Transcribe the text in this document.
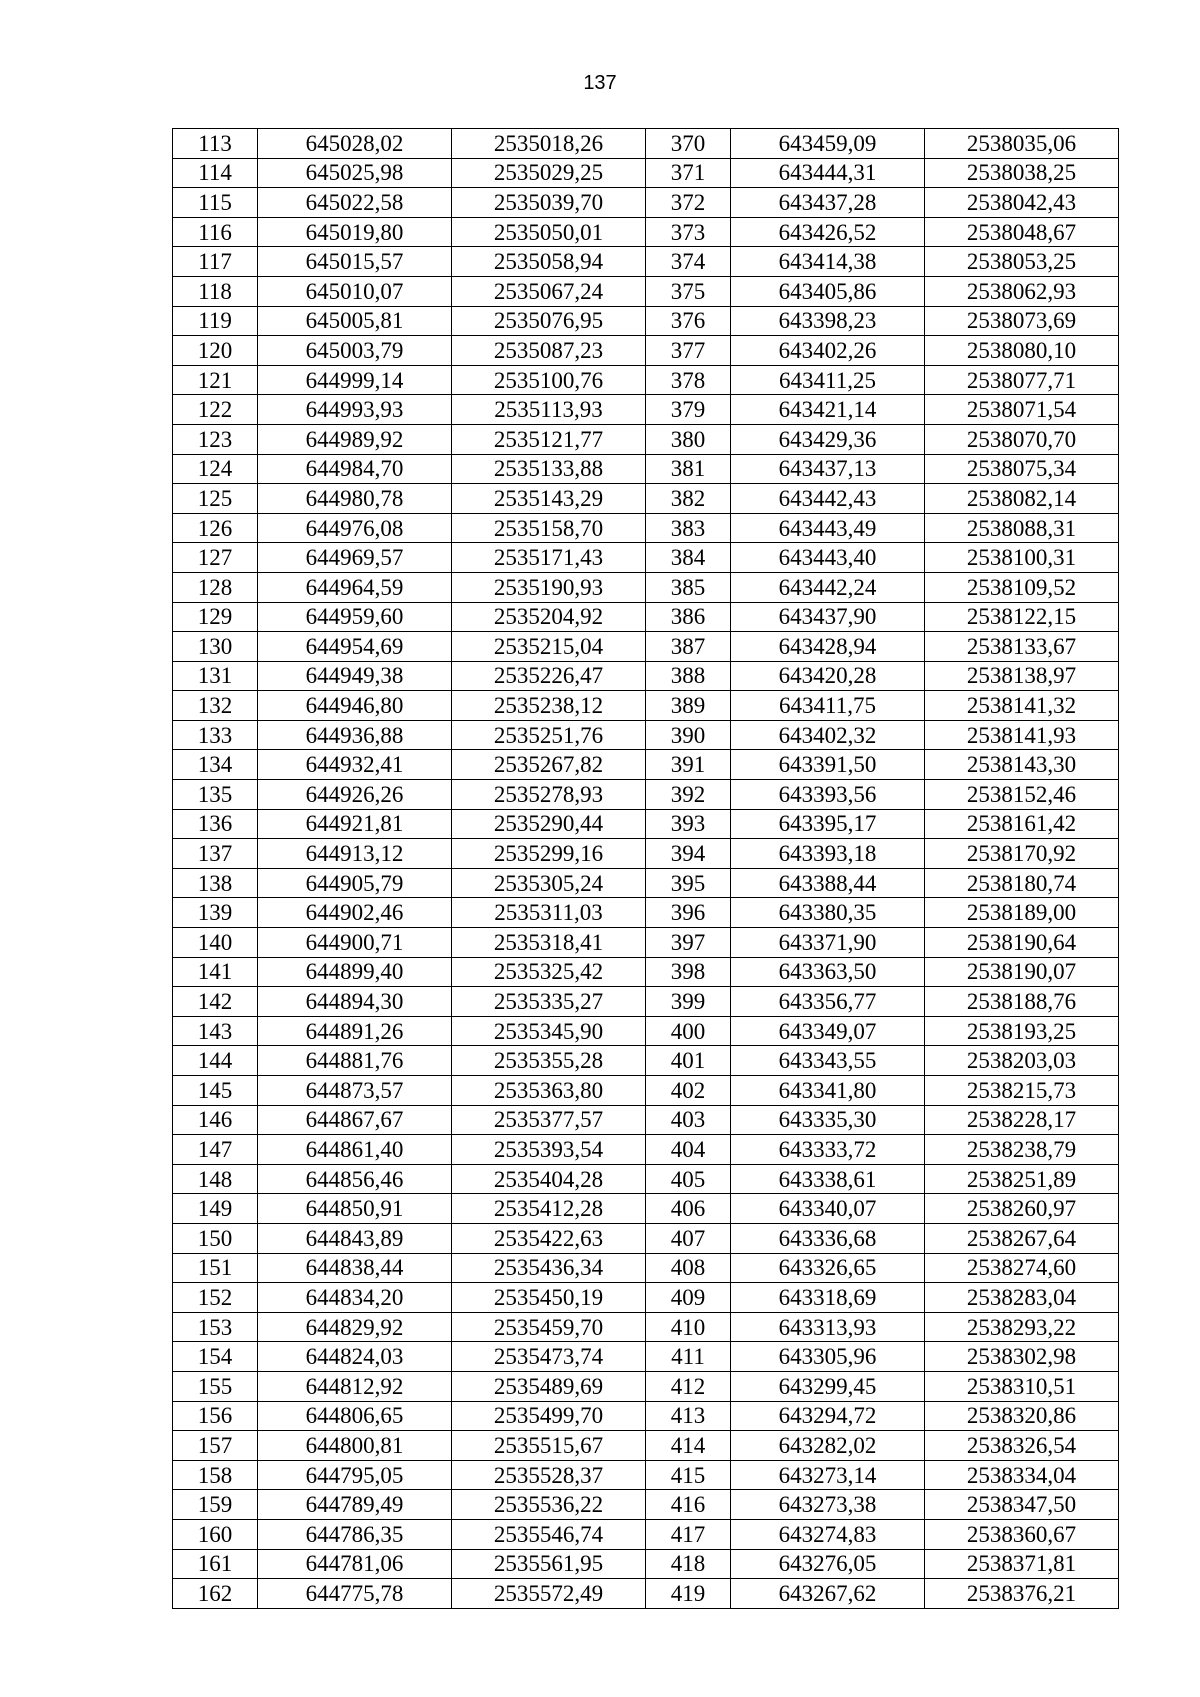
137
113	645028,02	2535018,26	370	643459,09	2538035,06
114	645025,98	2535029,25	371	643444,31	2538038,25
115	645022,58	2535039,70	372	643437,28	2538042,43
116	645019,80	2535050,01	373	643426,52	2538048,67
117	645015,57	2535058,94	374	643414,38	2538053,25
118	645010,07	2535067,24	375	643405,86	2538062,93
119	645005,81	2535076,95	376	643398,23	2538073,69
120	645003,79	2535087,23	377	643402,26	2538080,10
121	644999,14	2535100,76	378	643411,25	2538077,71
122	644993,93	2535113,93	379	643421,14	2538071,54
123	644989,92	2535121,77	380	643429,36	2538070,70
124	644984,70	2535133,88	381	643437,13	2538075,34
125	644980,78	2535143,29	382	643442,43	2538082,14
126	644976,08	2535158,70	383	643443,49	2538088,31
127	644969,57	2535171,43	384	643443,40	2538100,31
128	644964,59	2535190,93	385	643442,24	2538109,52
129	644959,60	2535204,92	386	643437,90	2538122,15
130	644954,69	2535215,04	387	643428,94	2538133,67
131	644949,38	2535226,47	388	643420,28	2538138,97
132	644946,80	2535238,12	389	643411,75	2538141,32
133	644936,88	2535251,76	390	643402,32	2538141,93
134	644932,41	2535267,82	391	643391,50	2538143,30
135	644926,26	2535278,93	392	643393,56	2538152,46
136	644921,81	2535290,44	393	643395,17	2538161,42
137	644913,12	2535299,16	394	643393,18	2538170,92
138	644905,79	2535305,24	395	643388,44	2538180,74
139	644902,46	2535311,03	396	643380,35	2538189,00
140	644900,71	2535318,41	397	643371,90	2538190,64
141	644899,40	2535325,42	398	643363,50	2538190,07
142	644894,30	2535335,27	399	643356,77	2538188,76
143	644891,26	2535345,90	400	643349,07	2538193,25
144	644881,76	2535355,28	401	643343,55	2538203,03
145	644873,57	2535363,80	402	643341,80	2538215,73
146	644867,67	2535377,57	403	643335,30	2538228,17
147	644861,40	2535393,54	404	643333,72	2538238,79
148	644856,46	2535404,28	405	643338,61	2538251,89
149	644850,91	2535412,28	406	643340,07	2538260,97
150	644843,89	2535422,63	407	643336,68	2538267,64
151	644838,44	2535436,34	408	643326,65	2538274,60
152	644834,20	2535450,19	409	643318,69	2538283,04
153	644829,92	2535459,70	410	643313,93	2538293,22
154	644824,03	2535473,74	411	643305,96	2538302,98
155	644812,92	2535489,69	412	643299,45	2538310,51
156	644806,65	2535499,70	413	643294,72	2538320,86
157	644800,81	2535515,67	414	643282,02	2538326,54
158	644795,05	2535528,37	415	643273,14	2538334,04
159	644789,49	2535536,22	416	643273,38	2538347,50
160	644786,35	2535546,74	417	643274,83	2538360,67
161	644781,06	2535561,95	418	643276,05	2538371,81
162	644775,78	2535572,49	419	643267,62	2538376,21
